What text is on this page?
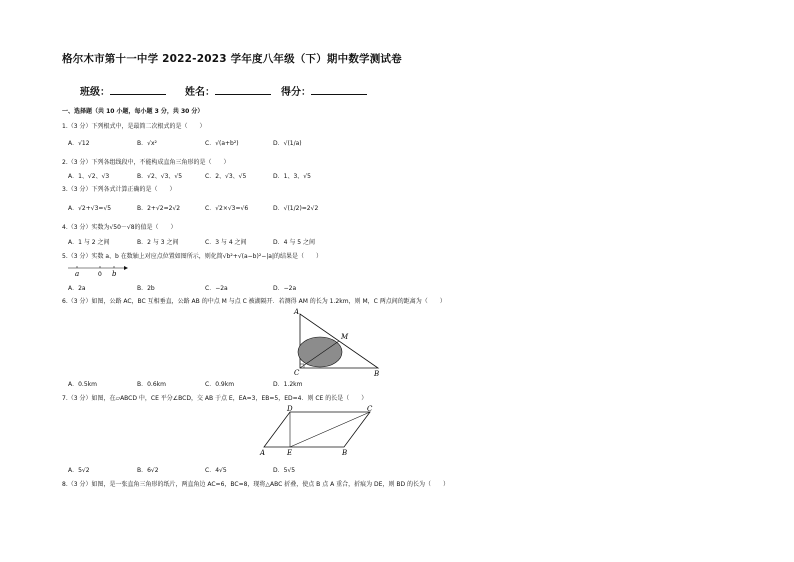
格尔木市第十一中学 2022-2023 学年度八年级（下）期中数学测试卷
班级：	姓名：	得分：
一、选择题（共 10 小题，每小题 3 分，共 30 分）
1.（3 分）下列根式中，是最简二次根式的是（　　）
A．√12	B．√x²	C．√(a+b²)	D．√(1/a)
2.（3 分）下列各组线段中，不能构成直角三角形的是（　　）
A．1、√2、√3	B．√2、√3、√5	C．2、√3、√5	D．1、3、√5
3.（3 分）下列各式计算正确的是（　　）
A．√2+√3=√5	B．2+√2=2√2	C．√2×√3=√6	D．√(1/2)=2√2
4.（3 分）实数为√50－√8的值是（　　）
A．1 与 2 之间	B．2 与 3 之间	C．3 与 4 之间	D．4 与 5 之间
5.（3 分）实数 a、b 在数轴上对应点位置如图所示，则化简√b²+√(a−b)²−|a|的结果是（　　）
a	0 b
A．2a	B．2b	C．−2a	D．−2a
6.（3 分）如图，公路 AC，BC 互相垂直，公路 AB 的中点 M 与点 C 被湖隔开．若测得 AM 的长为 1.2km，则 M，C 两点间的距离为（　　）
A
M
C	B
A．0.5km	B．0.6km	C．0.9km	D．1.2km
7.（3 分）如图，在▱ABCD 中，CE 平分∠BCD，交 AB 于点 E，EA=3，EB=5，ED=4．则 CE 的长是（　　）
D	C
A	E	B
A．5√2	B．6√2	C．4√5	D．5√5
8.（3 分）如图，是一张直角三角形的纸片，两直角边 AC=6，BC=8，现将△ABC 折叠，使点 B 点 A 重合，折痕为 DE，则 BD 的长为（　　）
